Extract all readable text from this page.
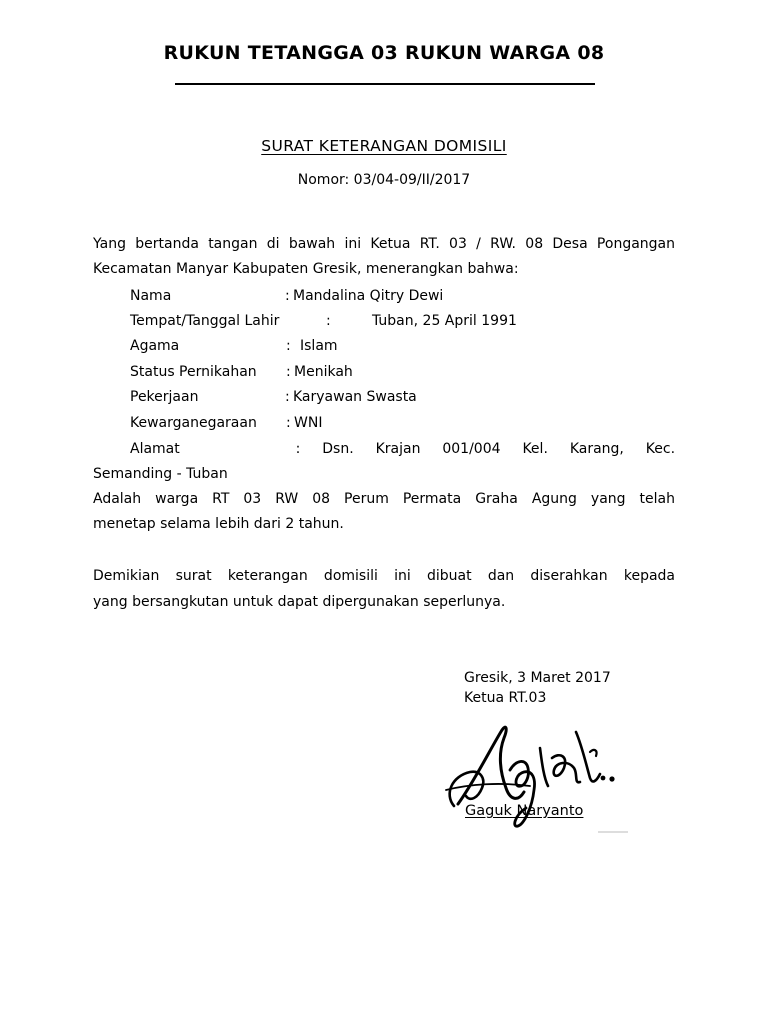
RUKUN TETANGGA 03 RUKUN WARGA 08
SURAT KETERANGAN DOMISILI
Nomor: 03/04-09/II/2017
Yang bertanda tangan di bawah ini Ketua RT. 03 / RW. 08 Desa Pongangan
Kecamatan Manyar Kabupaten Gresik, menerangkan bahwa:
Nama	: Mandalina Qitry Dewi
Tempat/Tanggal Lahir	:	Tuban, 25 April 1991
Agama	: Islam
Status Pernikahan : Menikah
Pekerjaan	: Karyawan Swasta
Kewarganegaraan : WNI
Alamat	: Dsn. Krajan 001/004 Kel. Karang, Kec.
Semanding - Tuban
Adalah warga RT 03 RW 08 Perum Permata Graha Agung yang telah
menetap selama lebih dari 2 tahun.
Demikian surat keterangan domisili ini dibuat dan diserahkan kepada
yang bersangkutan untuk dapat dipergunakan seperlunya.
Gresik, 3 Maret 2017
Ketua RT.03
Gaguk Naryanto
